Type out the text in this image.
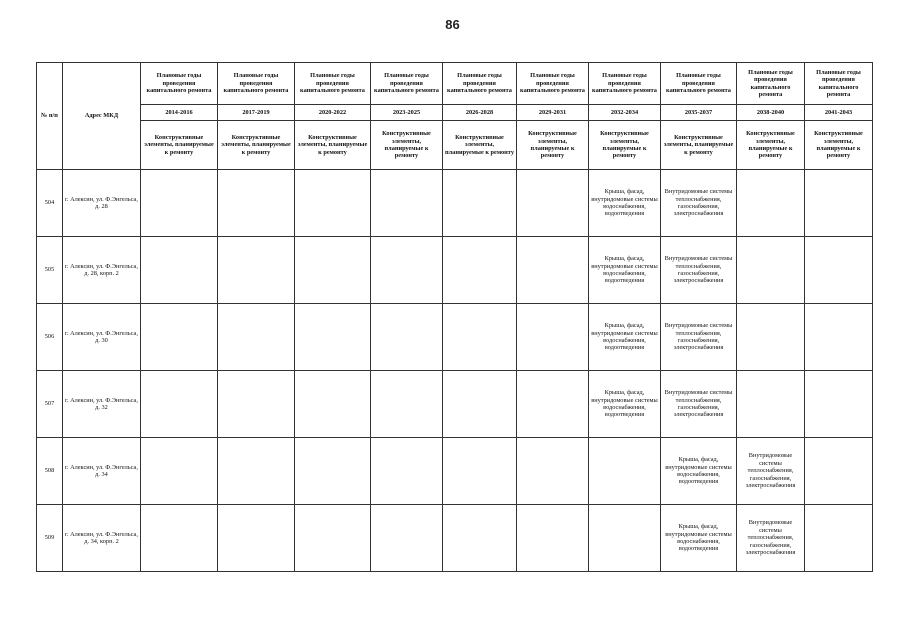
86
№ п/п	Адрес МКД	Плановые годы проведения капитального ремонта	Плановые годы проведения капитального ремонта	Плановые годы проведения капитального ремонта	Плановые годы проведения капитального ремонта	Плановые годы проведения капитального ремонта	Плановые годы проведения капитального ремонта	Плановые годы проведения капитального ремонта	Плановые годы проведения капитального ремонта	Плановые годы проведения капитального ремонта	Плановые годы проведения капитального ремонта
		2014-2016	2017-2019	2020-2022	2023-2025	2026-2028	2029-2031	2032-2034	2035-2037	2038-2040	2041-2043
		Конструктивные элементы, планируемые к ремонту	Конструктивные элементы, планируемые к ремонту	Конструктивные элементы, планируемые к ремонту	Конструктивные элементы, планируемые к ремонту	Конструктивные элементы, планируемые к ремонту	Конструктивные элементы, планируемые к ремонту	Конструктивные элементы, планируемые к ремонту	Конструктивные элементы, планируемые к ремонту	Конструктивные элементы, планируемые к ремонту	Конструктивные элементы, планируемые к ремонту
504	г. Алексин, ул. Ф.Энгельса, д. 28							Крыша, фасад, внутридомовые системы водоснабжения, водоотведения	Внутридомовые системы теплоснабжения, газоснабжения, электроснабжения		
505	г. Алексин, ул. Ф.Энгельса, д. 28, корп. 2							Крыша, фасад, внутридомовые системы водоснабжения, водоотведения	Внутридомовые системы теплоснабжения, газоснабжения, электроснабжения		
506	г. Алексин, ул. Ф.Энгельса, д. 30							Крыша, фасад, внутридомовые системы водоснабжения, водоотведения	Внутридомовые системы теплоснабжения, газоснабжения, электроснабжения		
507	г. Алексин, ул. Ф.Энгельса, д. 32							Крыша, фасад, внутридомовые системы водоснабжения, водоотведения	Внутридомовые системы теплоснабжения, газоснабжения, электроснабжения		
508	г. Алексин, ул. Ф.Энгельса, д. 34								Крыша, фасад, внутридомовые системы водоснабжения, водоотведения	Внутридомовые системы теплоснабжения, газоснабжения, электроснабжения	
509	г. Алексин, ул. Ф.Энгельса, д. 34, корп. 2								Крыша, фасад, внутридомовые системы водоснабжения, водоотведения	Внутридомовые системы теплоснабжения, газоснабжения, электроснабжения	
